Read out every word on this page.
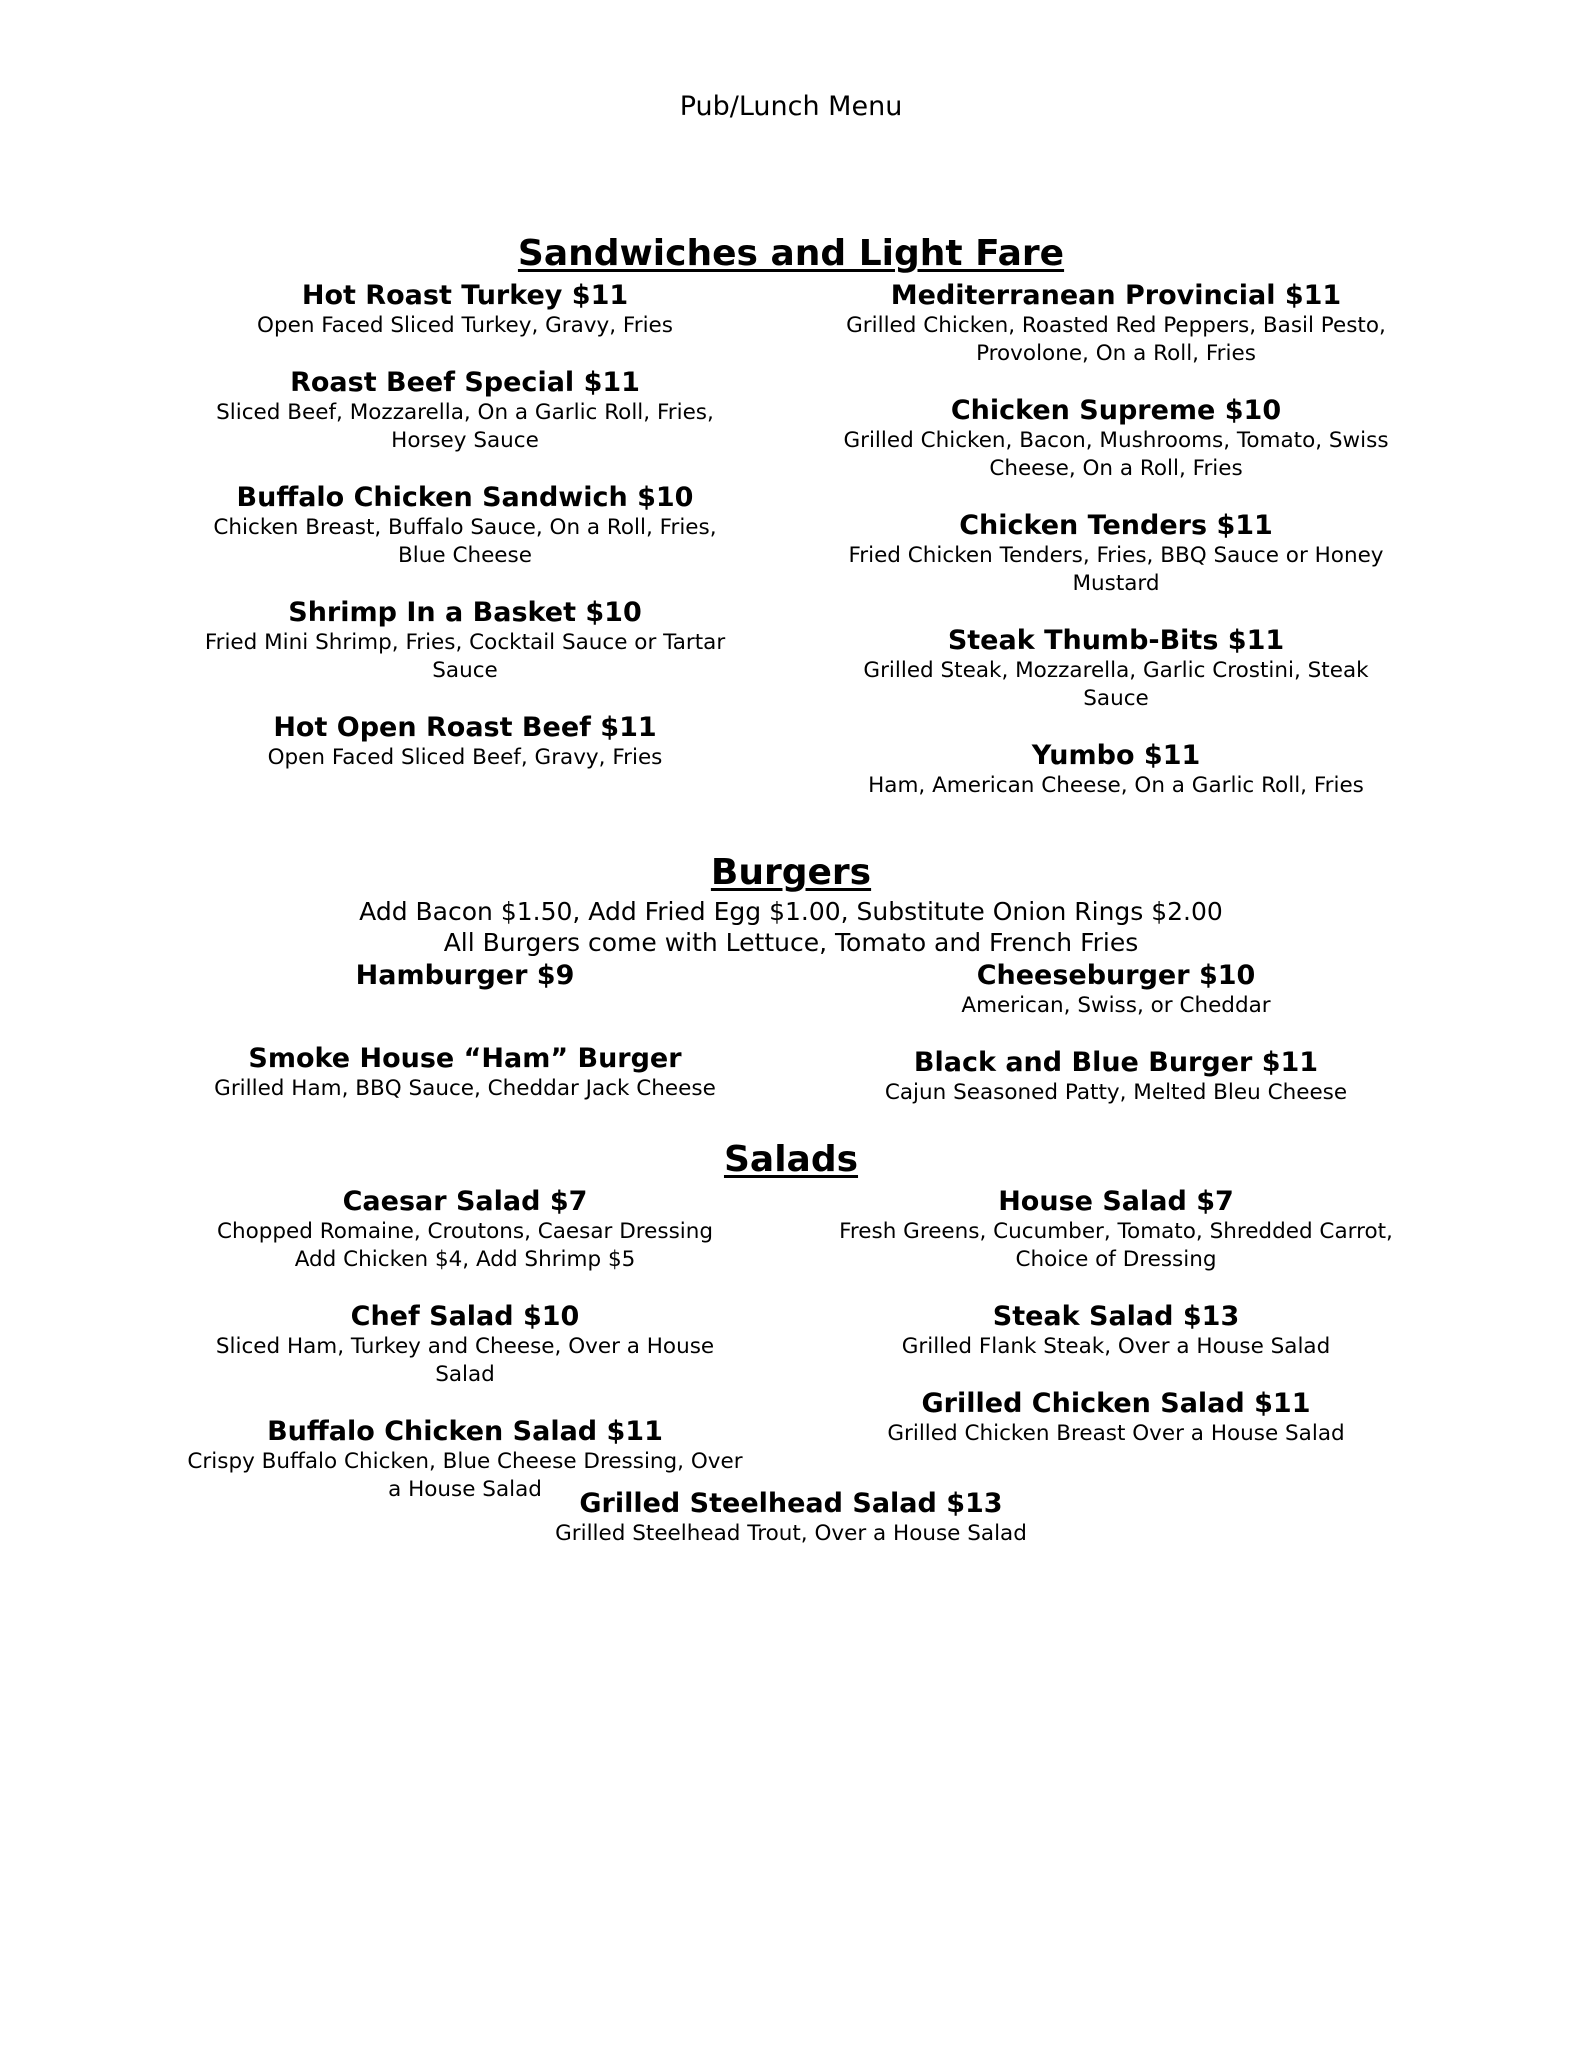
Pub/Lunch Menu
Sandwiches and Light Fare
Hot Roast Turkey $11
Open Faced Sliced Turkey, Gravy, Fries
Roast Beef Special $11
Sliced Beef, Mozzarella, On a Garlic Roll, Fries, Horsey Sauce
Buffalo Chicken Sandwich $10
Chicken Breast, Buffalo Sauce, On a Roll, Fries, Blue Cheese
Shrimp In a Basket $10
Fried Mini Shrimp, Fries, Cocktail Sauce or Tartar Sauce
Hot Open Roast Beef $11
Open Faced Sliced Beef, Gravy, Fries
Mediterranean Provincial $11
Grilled Chicken, Roasted Red Peppers, Basil Pesto, Provolone, On a Roll, Fries
Chicken Supreme $10
Grilled Chicken, Bacon, Mushrooms, Tomato, Swiss Cheese, On a Roll, Fries
Chicken Tenders $11
Fried Chicken Tenders, Fries, BBQ Sauce or Honey Mustard
Steak Thumb-Bits $11
Grilled Steak, Mozzarella, Garlic Crostini, Steak Sauce
Yumbo $11
Ham, American Cheese, On a Garlic Roll, Fries
Burgers
Add Bacon $1.50, Add Fried Egg $1.00, Substitute Onion Rings $2.00
All Burgers come with Lettuce, Tomato and French Fries
Hamburger $9
Smoke House “Ham” Burger
Grilled Ham, BBQ Sauce, Cheddar Jack Cheese
Cheeseburger $10
American, Swiss, or Cheddar
Black and Blue Burger $11
Cajun Seasoned Patty, Melted Bleu Cheese
Salads
Caesar Salad $7
Chopped Romaine, Croutons, Caesar Dressing
Add Chicken $4, Add Shrimp $5
Chef Salad $10
Sliced Ham, Turkey and Cheese, Over a House Salad
Buffalo Chicken Salad $11
Crispy Buffalo Chicken, Blue Cheese Dressing, Over a House Salad
House Salad $7
Fresh Greens, Cucumber, Tomato, Shredded Carrot, Choice of Dressing
Steak Salad $13
Grilled Flank Steak, Over a House Salad
Grilled Chicken Salad $11
Grilled Chicken Breast Over a House Salad
Grilled Steelhead Salad $13
Grilled Steelhead Trout, Over a House Salad
